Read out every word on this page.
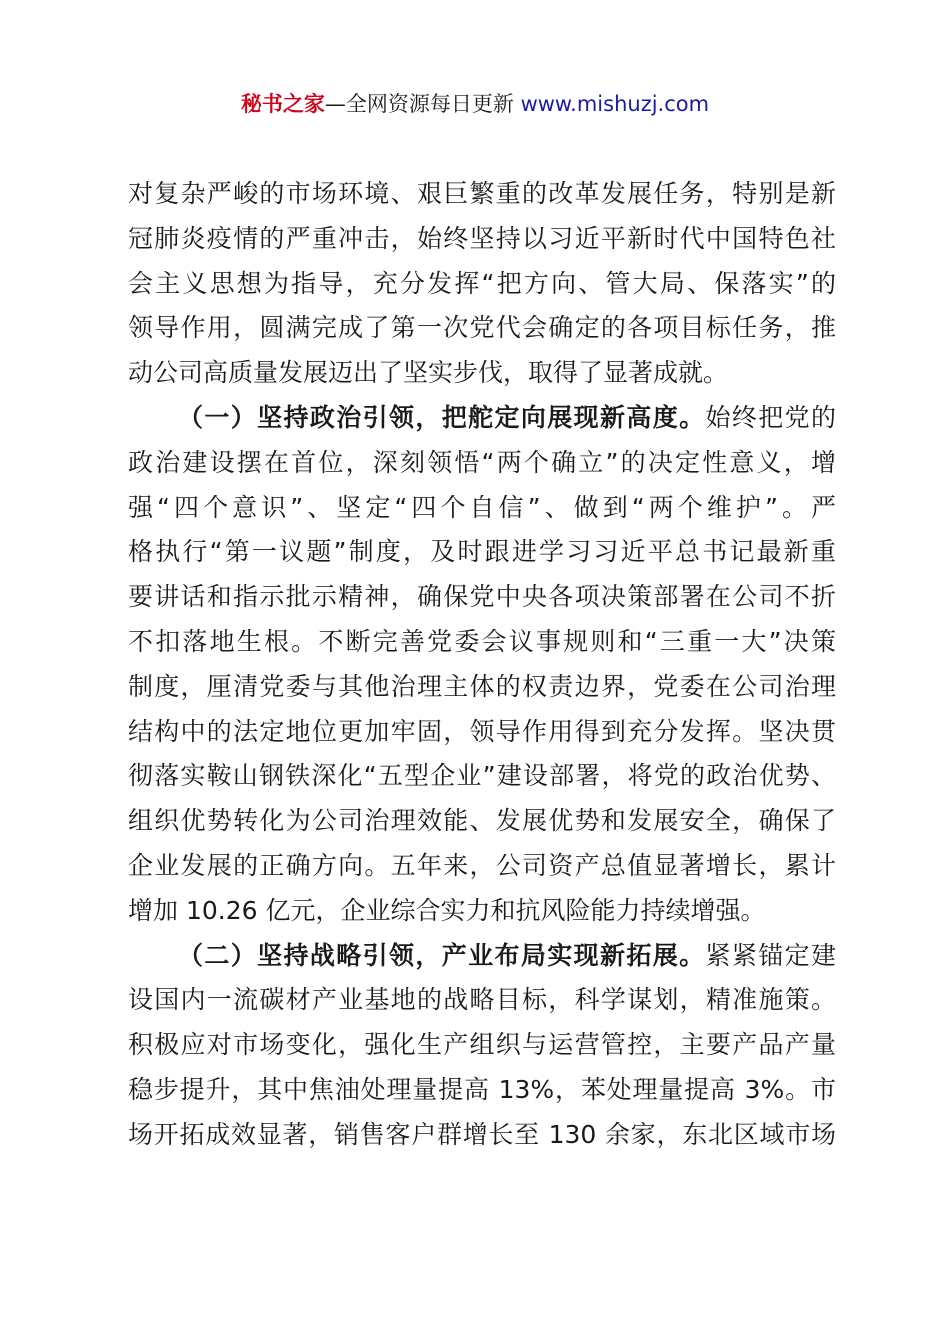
秘书之家—全网资源每日更新 www.mishuzj.com
对复杂严峻的市场环境、艰巨繁重的改革发展任务，特别是新
冠肺炎疫情的严重冲击，始终坚持以习近平新时代中国特色社
会主义思想为指导，充分发挥“把方向、管大局、保落实”的
领导作用，圆满完成了第一次党代会确定的各项目标任务，推
动公司高质量发展迈出了坚实步伐，取得了显著成就。
（一）坚持政治引领，把舵定向展现新高度。始终把党的
政治建设摆在首位，深刻领悟“两个确立”的决定性意义，增
强“四个意识”、坚定“四个自信”、做到“两个维护”。严
格执行“第一议题”制度，及时跟进学习习近平总书记最新重
要讲话和指示批示精神，确保党中央各项决策部署在公司不折
不扣落地生根。不断完善党委会议事规则和“三重一大”决策
制度，厘清党委与其他治理主体的权责边界，党委在公司治理
结构中的法定地位更加牢固，领导作用得到充分发挥。坚决贯
彻落实鞍山钢铁深化“五型企业”建设部署，将党的政治优势、
组织优势转化为公司治理效能、发展优势和发展安全，确保了
企业发展的正确方向。五年来，公司资产总值显著增长，累计
增加 10.26 亿元，企业综合实力和抗风险能力持续增强。
（二）坚持战略引领，产业布局实现新拓展。紧紧锚定建
设国内一流碳材产业基地的战略目标，科学谋划，精准施策。
积极应对市场变化，强化生产组织与运营管控，主要产品产量
稳步提升，其中焦油处理量提高 13%，苯处理量提高 3%。市
场开拓成效显著，销售客户群增长至 130 余家，东北区域市场
